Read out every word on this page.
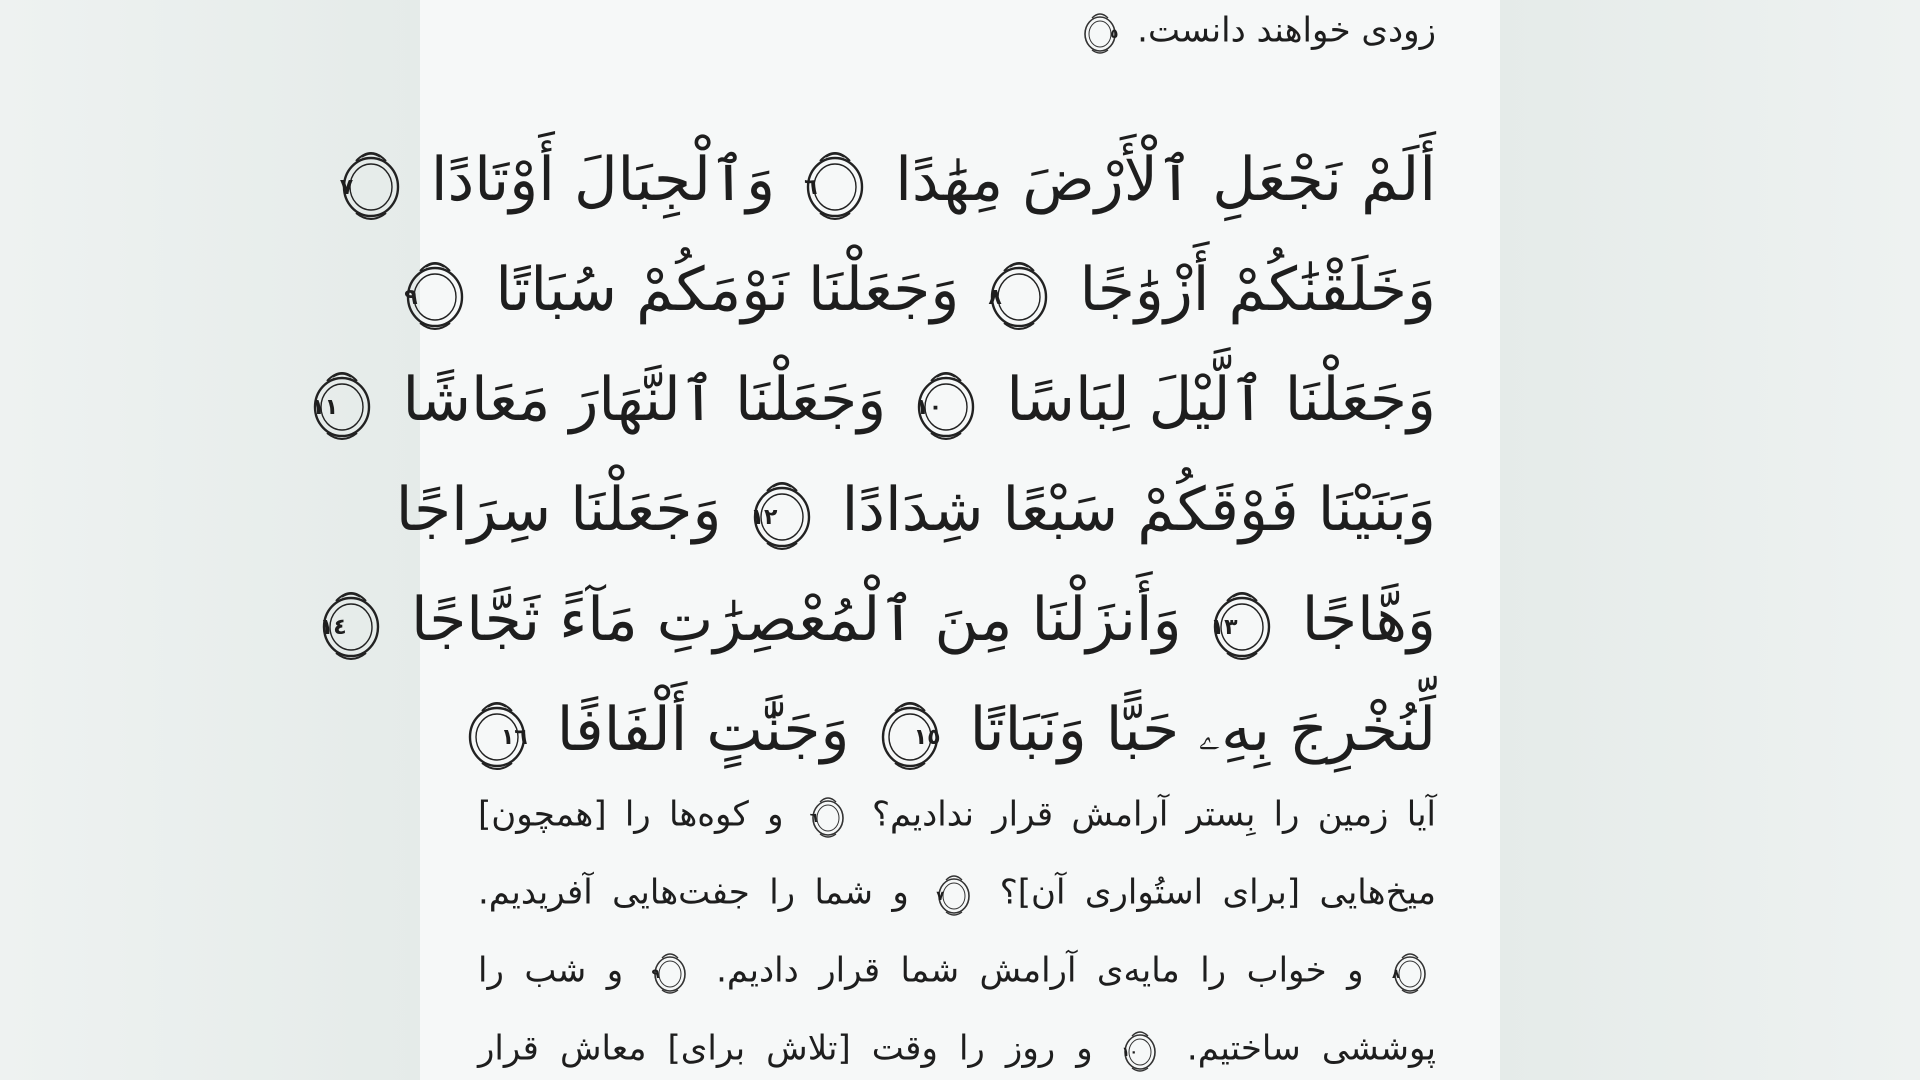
زودی خواهند دانست.
٥
أَلَمْ نَجْعَلِ ٱلْأَرْضَ مِهَٰدًا
٦
وَٱلْجِبَالَ أَوْتَادًا
٧
وَخَلَقْنَٰكُمْ أَزْوَٰجًا
٨
وَجَعَلْنَا نَوْمَكُمْ سُبَاتًا
٩
وَجَعَلْنَا ٱلَّيْلَ لِبَاسًا
١٠
وَجَعَلْنَا ٱلنَّهَارَ مَعَاشًا
١١
وَبَنَيْنَا فَوْقَكُمْ سَبْعًا شِدَادًا
١٢
وَجَعَلْنَا سِرَاجًا
وَهَّاجًا
١٣
وَأَنزَلْنَا مِنَ ٱلْمُعْصِرَٰتِ مَآءً ثَجَّاجًا
١٤
لِّنُخْرِجَ بِهِۦ حَبًّا وَنَبَاتًا
١٥
وَجَنَّٰتٍ أَلْفَافًا
١٦
آیا زمین را بِستر آرامش قرار ندادیم؟
٦
و کوه‌ها را [همچون]
میخ‌هایی [برای استُواری آن]؟
٧
و شما را جفت‌هایی آفریدیم.
٨
و خواب را مایه‌ی آرامش شما قرار دادیم.
٩
و شب را
پوششی ساختیم.
١٠
و روز را وقت [تلاش برای] معاش قرار
